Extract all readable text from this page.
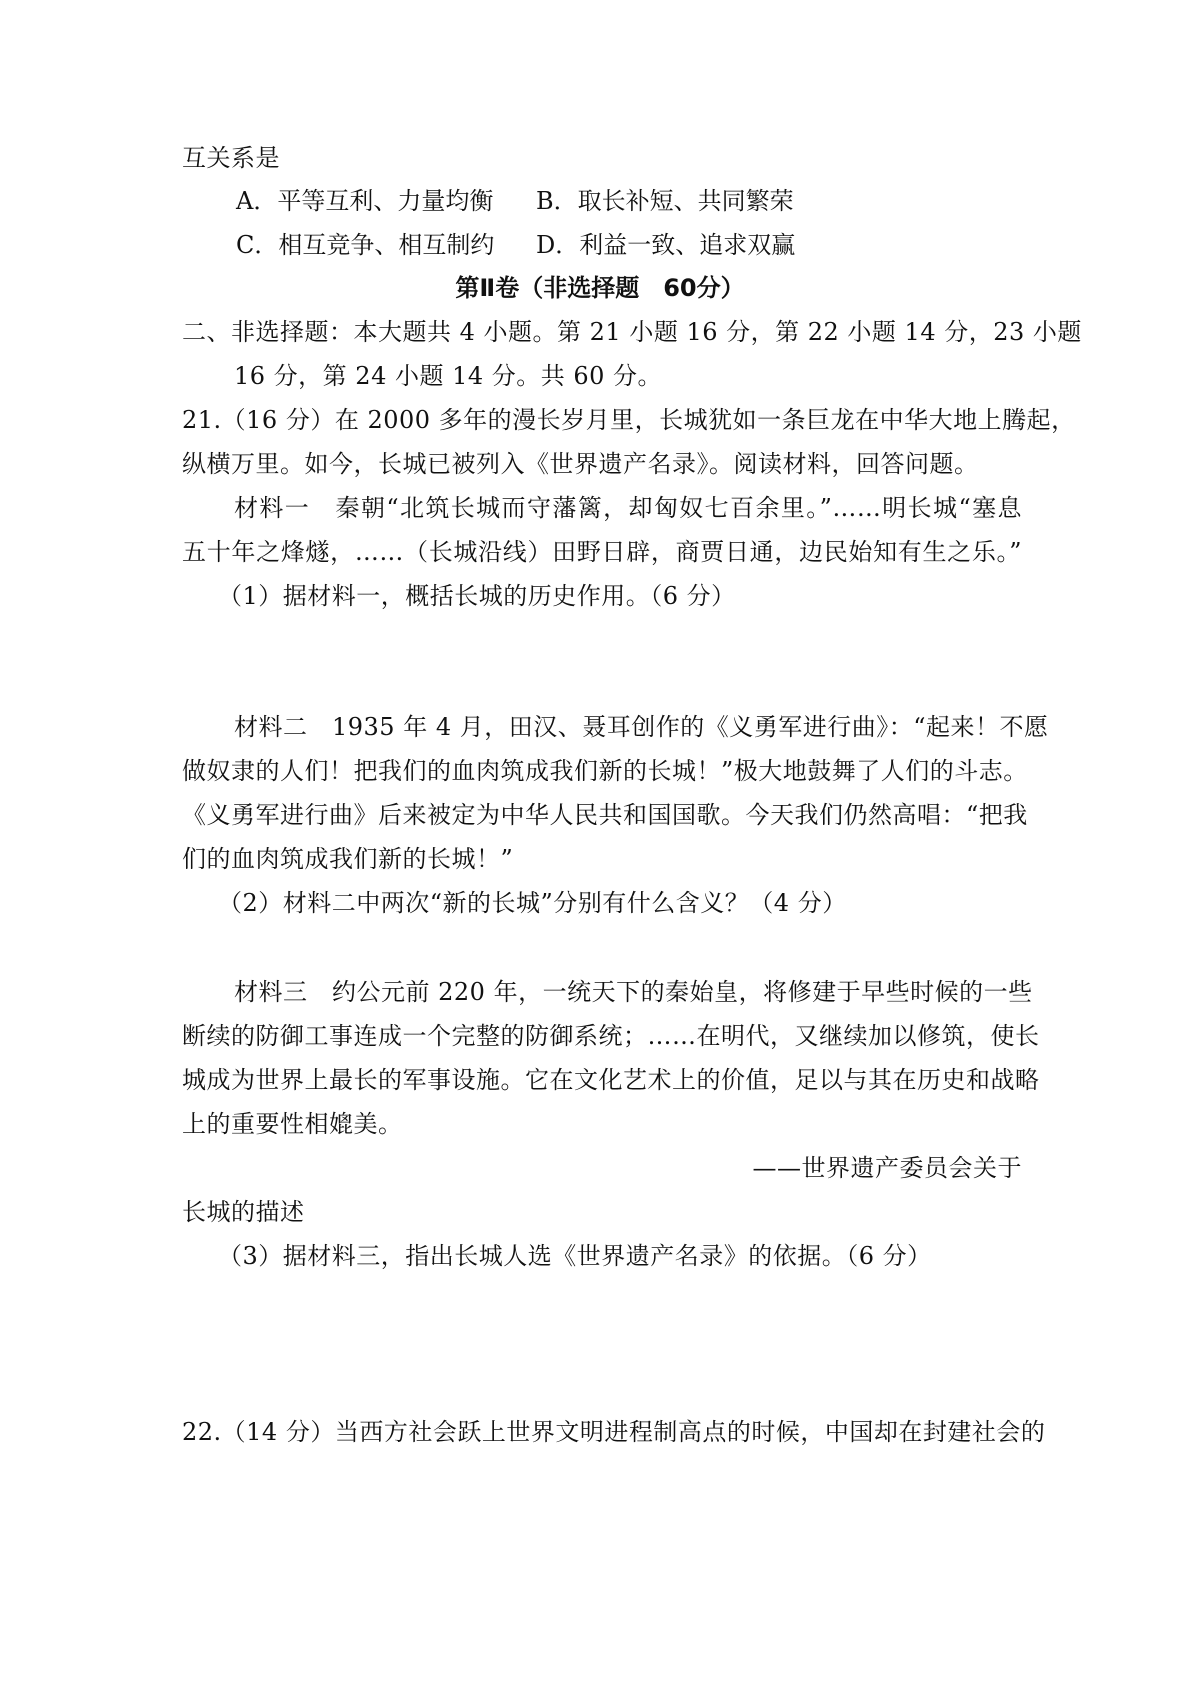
互关系是
A．平等互利、力量均衡 B．取长补短、共同繁荣
C．相互竞争、相互制约 D．利益一致、追求双赢
第Ⅱ卷（非选择题　60分）
二、非选择题：本大题共 4 小题。第 21 小题 16 分，第 22 小题 14 分，23 小题
16 分，第 24 小题 14 分。共 60 分。
21.（16 分）在 2000 多年的漫长岁月里，长城犹如一条巨龙在中华大地上腾起，
纵横万里。如今，长城已被列入《世界遗产名录》。阅读材料，回答问题。
材料一　秦朝“北筑长城而守藩篱，却匈奴七百余里。”……明长城“塞息
五十年之烽燧，……（长城沿线）田野日辟，商贾日通，边民始知有生之乐。”
（1）据材料一，概括长城的历史作用。（6 分）
材料二　1935 年 4 月，田汉、聂耳创作的《义勇军进行曲》：“起来！不愿
做奴隶的人们！把我们的血肉筑成我们新的长城！”极大地鼓舞了人们的斗志。
《义勇军进行曲》后来被定为中华人民共和国国歌。今天我们仍然高唱：“把我
们的血肉筑成我们新的长城！”
（2）材料二中两次“新的长城”分别有什么含义？（4 分）
材料三　约公元前 220 年，一统天下的秦始皇，将修建于早些时候的一些
断续的防御工事连成一个完整的防御系统；……在明代，又继续加以修筑，使长
城成为世界上最长的军事设施。它在文化艺术上的价值，足以与其在历史和战略
上的重要性相媲美。
——世界遗产委员会关于
长城的描述
（3）据材料三，指出长城人选《世界遗产名录》的依据。（6 分）
22.（14 分）当西方社会跃上世界文明进程制高点的时候，中国却在封建社会的
